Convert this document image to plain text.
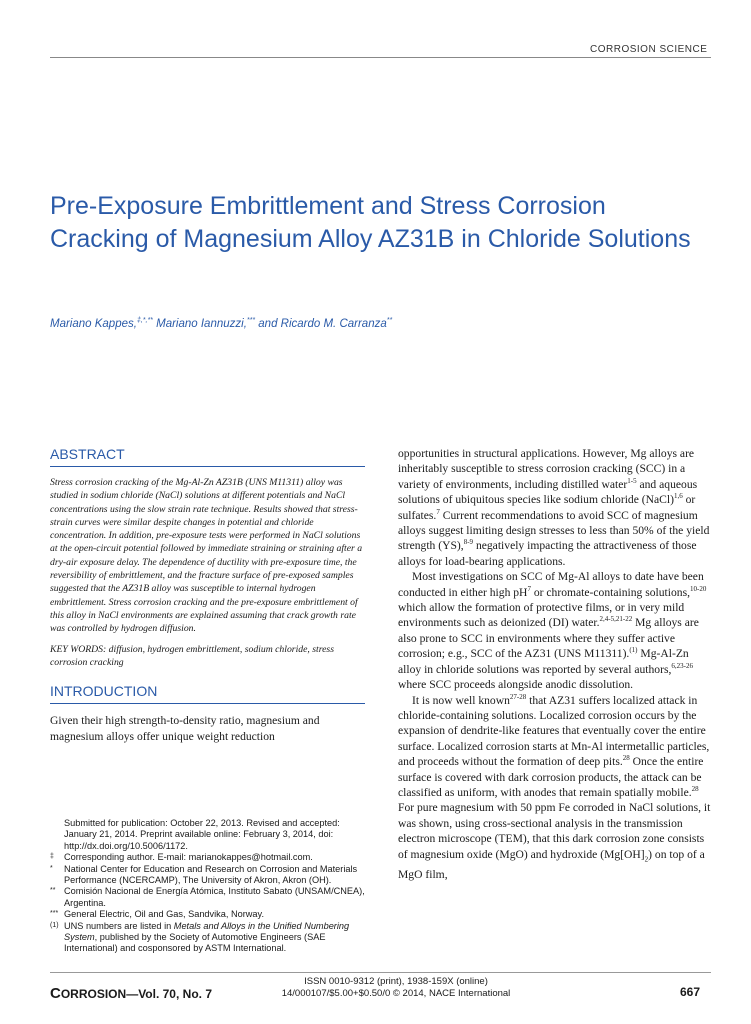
CORROSION SCIENCE
Pre-Exposure Embrittlement and Stress Corrosion Cracking of Magnesium Alloy AZ31B in Chloride Solutions
Mariano Kappes,‡,*,** Mariano Iannuzzi,*** and Ricardo M. Carranza**
ABSTRACT

Stress corrosion cracking of the Mg-Al-Zn AZ31B (UNS M11311) alloy was studied in sodium chloride (NaCl) solutions at different potentials and NaCl concentrations using the slow strain rate technique. Results showed that stress-strain curves were similar despite changes in potential and chloride concentration. In addition, pre-exposure tests were performed in NaCl solutions at the open-circuit potential followed by immediate straining or straining after a dry-air exposure delay. The dependence of ductility with pre-exposure time, the reversibility of embrittlement, and the fracture surface of pre-exposed samples suggested that the AZ31B alloy was susceptible to internal hydrogen embrittlement. Stress corrosion cracking and the pre-exposure embrittlement of this alloy in NaCl environments are explained assuming that crack growth rate was controlled by hydrogen diffusion.

KEY WORDS: diffusion, hydrogen embrittlement, sodium chloride, stress corrosion cracking

INTRODUCTION

Given their high strength-to-density ratio, magnesium and magnesium alloys offer unique weight reduction

opportunities in structural applications. However, Mg alloys are inheritably susceptible to stress corrosion cracking (SCC) in a variety of environments, including distilled water$^{1-5}$ and aqueous solutions of ubiquitous species like sodium chloride (NaCl)$^{1,6}$ or sulfates.$^7$ Current recommendations to avoid SCC of magnesium alloys suggest limiting design stresses to less than 50% of the yield strength (YS),$^{8-9}$ negatively impacting the attractiveness of those alloys for load-bearing applications.

Most investigations on SCC of Mg-Al alloys to date have been conducted in either high $pH^7$ or chromate-containing solutions,$^{10-20}$ which allow the formation of protective films, or in very mild environments such as deionized (DI) water.$^{2,4-5,21-22}$ Mg alloys are also prone to SCC in environments where they suffer active corrosion; e.g., SCC of the AZ31 (UNS M11311).$^{(1)}$ Mg-Al-Zn alloy in chloride solutions was reported by several authors,$^{6,23-26}$ where SCC proceeds alongside anodic dissolution.

It is now well known$^{27-28}$ that AZ31 suffers localized attack in chloride-containing solutions. Localized corrosion occurs by the expansion of dendrite-like features that eventually cover the entire surface. Localized corrosion starts at Mn-Al intermetallic particles, and proceeds without the formation of deep pits.$^{28}$ Once the entire surface is covered with dark corrosion products, the attack can be classified as uniform, with anodes that remain spatially mobile.$^{28}$ For pure magnesium with 50 ppm Fe corroded in NaCl solutions, it was shown, using cross-sectional analysis in the transmission electron microscope (TEM), that this dark corrosion zone consists of magnesium oxide (MgO) and hydroxide $(Mg[OH]_2)$ on top of a MgO film,

Submitted for publication: October 22, 2013. Revised and accepted: January 21, 2014. Preprint available online: February 3, 2014, doi: http://dx.doi.org/10.5006/1172.

‡ Corresponding author. E-mail: marianokappes@hotmail.com.

* National Center for Education and Research on Corrosion and Materials Performance (NCERCAMP), The University of Akron, Akron (OH).

** Comisión Nacional de Energía Atómica, Instituto Sabato (UNSAM/CNEA), Argentina.

*** General Electric, Oil and Gas, Sandvika, Norway.

(1) UNS numbers are listed in Metals and Alloys in the Unified Numbering System, published by the Society of Automotive Engineers (SAE International) and cosponsored by ASTM International.

CORROSION—Vol. 70, No. 7
ISSN 0010-9312 (print), 1938-159X (online)
14/000107/$5.00+$0.50/0 © 2014, NACE International	667
